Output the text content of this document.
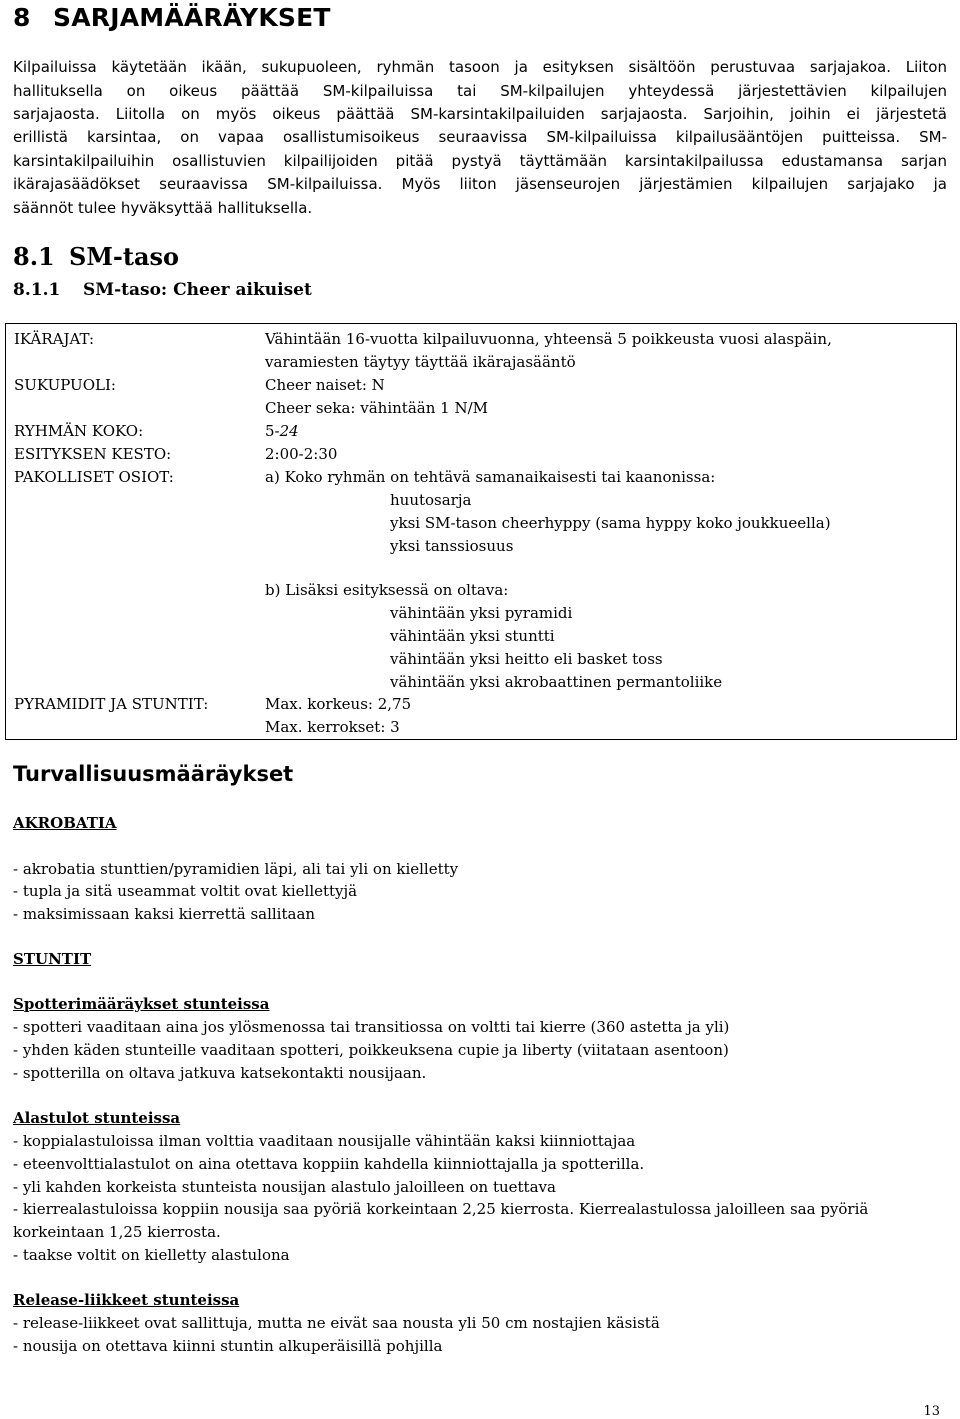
8 SARJAMÄÄRÄYKSET
Kilpailuissa käytetään ikään, sukupuoleen, ryhmän tasoon ja esityksen sisältöön perustuvaa sarjajakoa. Liiton
hallituksella on oikeus päättää SM-kilpailuissa tai SM-kilpailujen yhteydessä järjestettävien kilpailujen
sarjajaosta. Liitolla on myös oikeus päättää SM-karsintakilpailuiden sarjajaosta. Sarjoihin, joihin ei järjestetä
erillistä karsintaa, on vapaa osallistumisoikeus seuraavissa SM-kilpailuissa kilpailusääntöjen puitteissa. SM-
karsintakilpailuihin osallistuvien kilpailijoiden pitää pystyä täyttämään karsintakilpailussa edustamansa sarjan
ikärajasäädökset seuraavissa SM-kilpailuissa. Myös liiton jäsenseurojen järjestämien kilpailujen sarjajako ja
säännöt tulee hyväksyttää hallituksella.
8.1 SM-taso
8.1.1 SM-taso: Cheer aikuiset
IKÄRAJAT:	Vähintään 16-vuotta kilpailuvuonna, yhteensä 5 poikkeusta vuosi alaspäin,
varamiesten täytyy täyttää ikärajasääntö
SUKUPUOLI:	Cheer naiset: N
Cheer seka: vähintään 1 N/M
RYHMÄN KOKO:	5-24
ESITYKSEN KESTO:	2:00-2:30
PAKOLLISET OSIOT:	a) Koko ryhmän on tehtävä samanaikaisesti tai kaanonissa:
huutosarja
yksi SM-tason cheerhyppy (sama hyppy koko joukkueella)
yksi tanssiosuus
b) Lisäksi esityksessä on oltava:
vähintään yksi pyramidi
vähintään yksi stuntti
vähintään yksi heitto eli basket toss
vähintään yksi akrobaattinen permantoliike
PYRAMIDIT JA STUNTIT:	Max. korkeus: 2,75
Max. kerrokset: 3
Turvallisuusmääräykset
AKROBATIA
- akrobatia stunttien/pyramidien läpi, ali tai yli on kielletty
- tupla ja sitä useammat voltit ovat kiellettyjä
- maksimissaan kaksi kierrettä sallitaan
STUNTIT
Spotterimääräykset stunteissa
- spotteri vaaditaan aina jos ylösmenossa tai transitiossa on voltti tai kierre (360 astetta ja yli)
- yhden käden stunteille vaaditaan spotteri, poikkeuksena cupie ja liberty (viitataan asentoon)
- spotterilla on oltava jatkuva katsekontakti nousijaan.
Alastulot stunteissa
- koppialastuloissa ilman volttia vaaditaan nousijalle vähintään kaksi kiinniottajaa
- eteenvolttialastulot on aina otettava koppiin kahdella kiinniottajalla ja spotterilla.
- yli kahden korkeista stunteista nousijan alastulo jaloilleen on tuettava
- kierrealastuloissa koppiin nousija saa pyöriä korkeintaan 2,25 kierrosta. Kierrealastulossa jaloilleen saa pyöriä
korkeintaan 1,25 kierrosta.
- taakse voltit on kielletty alastulona
Release-liikkeet stunteissa
- release-liikkeet ovat sallittuja, mutta ne eivät saa nousta yli 50 cm nostajien käsistä
- nousija on otettava kiinni stuntin alkuperäisillä pohjilla
13
